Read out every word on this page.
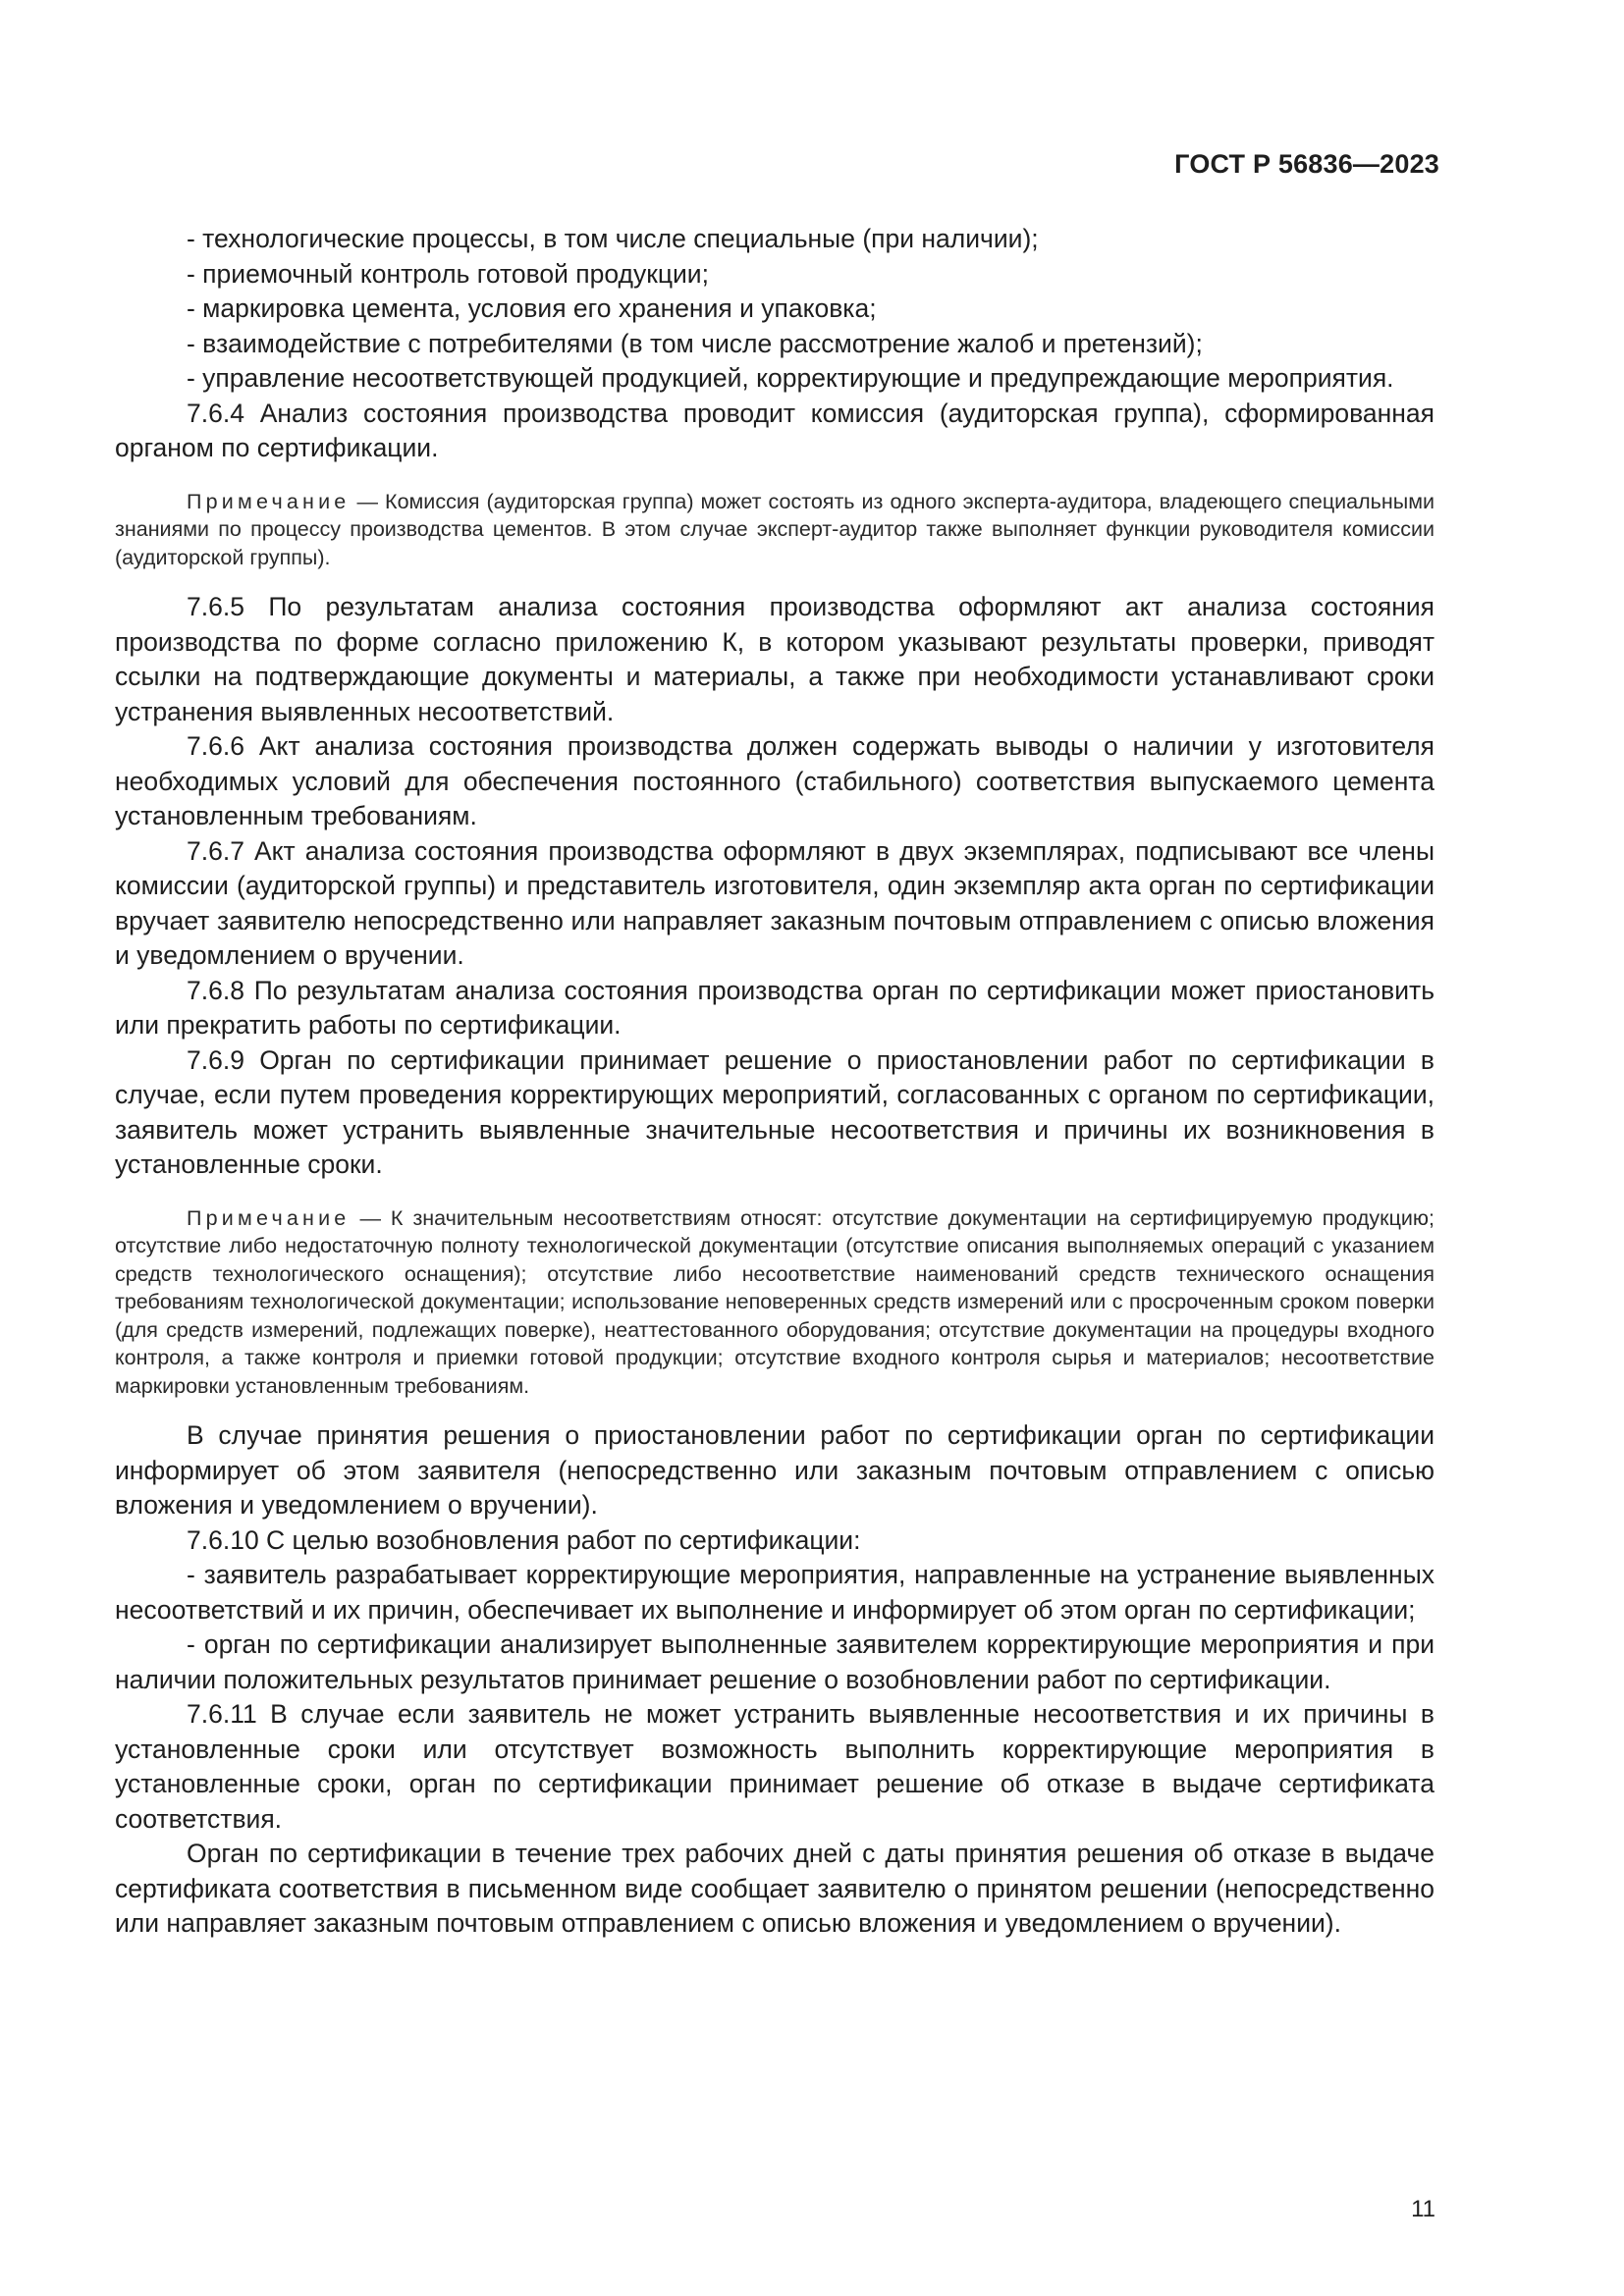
ГОСТ Р 56836—2023

- технологические процессы, в том числе специальные (при наличии);

- приемочный контроль готовой продукции;

- маркировка цемента, условия его хранения и упаковка;

- взаимодействие с потребителями (в том числе рассмотрение жалоб и претензий);

- управление несоответствующей продукцией, корректирующие и предупреждающие мероприятия.

7.6.4 Анализ состояния производства проводит комиссия (аудиторская группа), сформированная органом по сертификации.

Примечание — Комиссия (аудиторская группа) может состоять из одного эксперта-аудитора, владеющего специальными знаниями по процессу производства цементов. В этом случае эксперт-аудитор также выполняет функции руководителя комиссии (аудиторской группы).

7.6.5 По результатам анализа состояния производства оформляют акт анализа состояния производства по форме согласно приложению К, в котором указывают результаты проверки, приводят ссылки на подтверждающие документы и материалы, а также при необходимости устанавливают сроки устранения выявленных несоответствий.

7.6.6 Акт анализа состояния производства должен содержать выводы о наличии у изготовителя необходимых условий для обеспечения постоянного (стабильного) соответствия выпускаемого цемента установленным требованиям.

7.6.7 Акт анализа состояния производства оформляют в двух экземплярах, подписывают все члены комиссии (аудиторской группы) и представитель изготовителя, один экземпляр акта орган по сертификации вручает заявителю непосредственно или направляет заказным почтовым отправлением с описью вложения и уведомлением о вручении.

7.6.8 По результатам анализа состояния производства орган по сертификации может приостановить или прекратить работы по сертификации.

7.6.9 Орган по сертификации принимает решение о приостановлении работ по сертификации в случае, если путем проведения корректирующих мероприятий, согласованных с органом по сертификации, заявитель может устранить выявленные значительные несоответствия и причины их возникновения в установленные сроки.

Примечание — К значительным несоответствиям относят: отсутствие документации на сертифицируемую продукцию; отсутствие либо недостаточную полноту технологической документации (отсутствие описания выполняемых операций с указанием средств технологического оснащения); отсутствие либо несоответствие наименований средств технического оснащения требованиям технологической документации; использование неповеренных средств измерений или с просроченным сроком поверки (для средств измерений, подлежащих поверке), неаттестованного оборудования; отсутствие документации на процедуры входного контроля, а также контроля и приемки готовой продукции; отсутствие входного контроля сырья и материалов; несоответствие маркировки установленным требованиям.

В случае принятия решения о приостановлении работ по сертификации орган по сертификации информирует об этом заявителя (непосредственно или заказным почтовым отправлением с описью вложения и уведомлением о вручении).

7.6.10 С целью возобновления работ по сертификации:

- заявитель разрабатывает корректирующие мероприятия, направленные на устранение выявленных несоответствий и их причин, обеспечивает их выполнение и информирует об этом орган по сертификации;

- орган по сертификации анализирует выполненные заявителем корректирующие мероприятия и при наличии положительных результатов принимает решение о возобновлении работ по сертификации.

7.6.11 В случае если заявитель не может устранить выявленные несоответствия и их причины в установленные сроки или отсутствует возможность выполнить корректирующие мероприятия в установленные сроки, орган по сертификации принимает решение об отказе в выдаче сертификата соответствия.

Орган по сертификации в течение трех рабочих дней с даты принятия решения об отказе в выдаче сертификата соответствия в письменном виде сообщает заявителю о принятом решении (непосредственно или направляет заказным почтовым отправлением с описью вложения и уведомлением о вручении).

11
